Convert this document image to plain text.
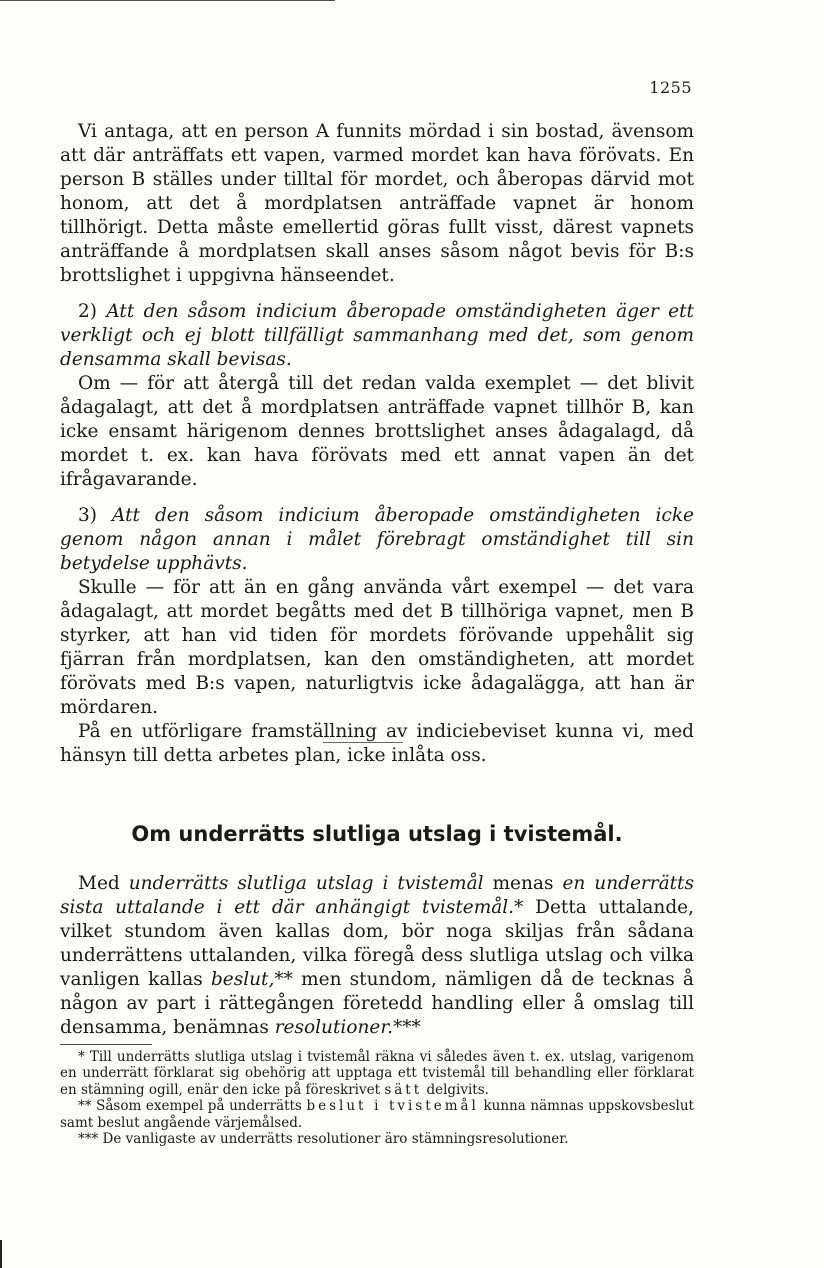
1255

Vi antaga, att en person A funnits mördad i sin bostad, ävensom att där anträffats ett vapen, varmed mordet kan hava förövats. En person B ställes under tilltal för mordet, och åberopas därvid mot honom, att det å mordplatsen anträffade vapnet är honom tillhörigt. Detta måste emellertid göras fullt visst, därest vapnets anträffande å mordplatsen skall anses såsom något bevis för B:s brottslighet i uppgivna hänseendet.

2) Att den såsom indicium åberopade omständigheten äger ett verkligt och ej blott tillfälligt sammanhang med det, som genom densamma skall bevisas.

Om — för att återgå till det redan valda exemplet — det blivit ådagalagt, att det å mordplatsen anträffade vapnet tillhör B, kan icke ensamt härigenom dennes brottslighet anses ådagalagd, då mordet t. ex. kan hava förövats med ett annat vapen än det ifrågavarande.

3) Att den såsom indicium åberopade omständigheten icke genom någon annan i målet förebragt omständighet till sin betydelse upphävts.

Skulle — för att än en gång använda vårt exempel — det vara ådagalagt, att mordet begåtts med det B tillhöriga vapnet, men B styrker, att han vid tiden för mordets förövande uppehålit sig fjärran från mordplatsen, kan den omständigheten, att mordet förövats med B:s vapen, naturligtvis icke ådagalägga, att han är mördaren.

På en utförligare framställning av indiciebeviset kunna vi, med hänsyn till detta arbetes plan, icke inlåta oss.

Om underrätts slutliga utslag i tvistemål.

Med underrätts slutliga utslag i tvistemål menas en underrätts sista uttalande i ett där anhängigt tvistemål.* Detta uttalande, vilket stundom även kallas dom, bör noga skiljas från sådana underrättens uttalanden, vilka föregå dess slutliga utslag och vilka vanligen kallas beslut,** men stundom, nämligen då de tecknas å någon av part i rättegången företedd handling eller å omslag till densamma, benämnas resolutioner.***

* Till underrätts slutliga utslag i tvistemål räkna vi således även t. ex. utslag, varigenom en underrätt förklarat sig obehörig att upptaga ett tvistemål till behandling eller förklarat en stämning ogill, enär den icke på föreskrivet sätt delgivits.

** Såsom exempel på underrätts beslut i tvistemål kunna nämnas uppskovsbeslut samt beslut angående värjemålsed.

*** De vanligaste av underrätts resolutioner äro stämningsresolutioner.
